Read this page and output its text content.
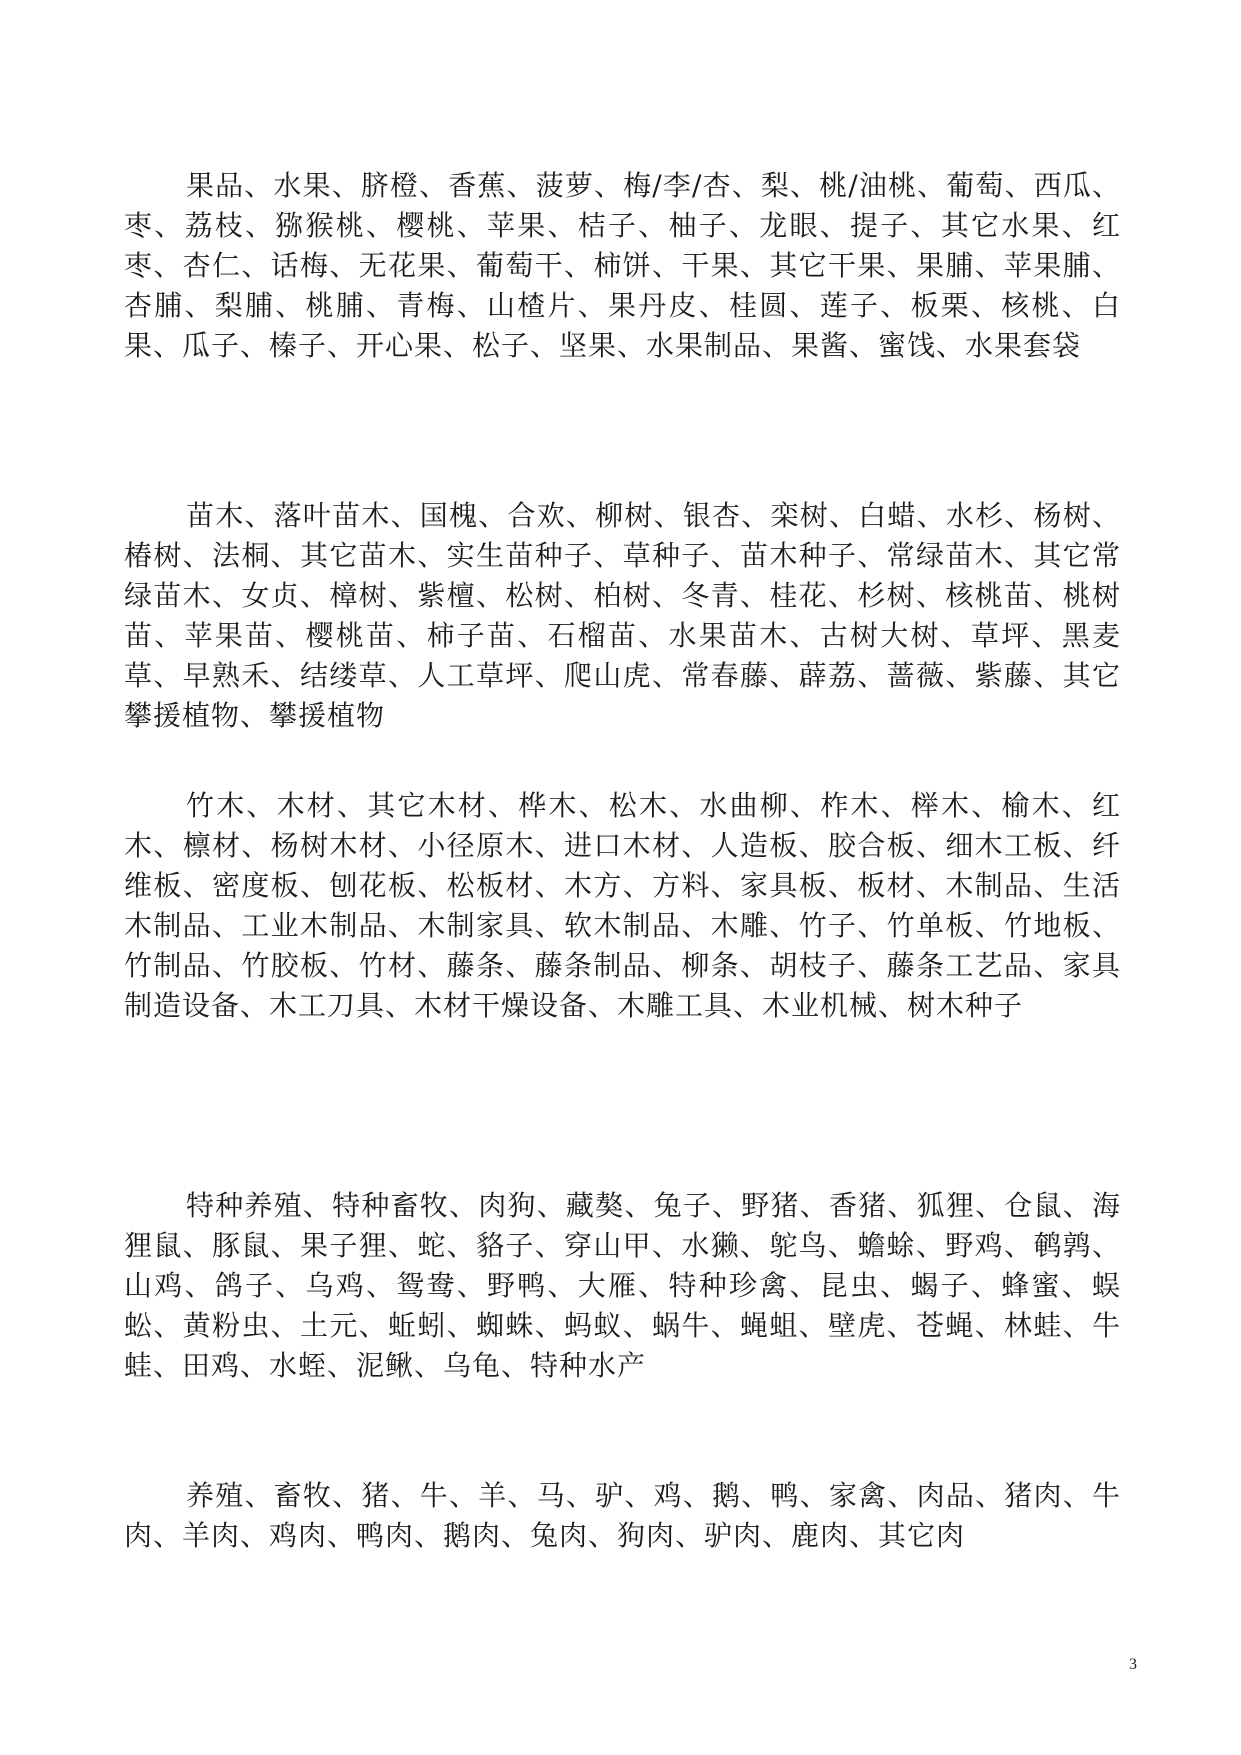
果品、水果、脐橙、香蕉、菠萝、梅/李/杏、梨、桃/油桃、葡萄、西瓜、枣、荔枝、猕猴桃、樱桃、苹果、桔子、柚子、龙眼、提子、其它水果、红枣、杏仁、话梅、无花果、葡萄干、柿饼、干果、其它干果、果脯、苹果脯、杏脯、梨脯、桃脯、青梅、山楂片、果丹皮、桂圆、莲子、板栗、核桃、白果、瓜子、榛子、开心果、松子、坚果、水果制品、果酱、蜜饯、水果套袋

苗木、落叶苗木、国槐、合欢、柳树、银杏、栾树、白蜡、水杉、杨树、椿树、法桐、其它苗木、实生苗种子、草种子、苗木种子、常绿苗木、其它常绿苗木、女贞、樟树、紫檀、松树、柏树、冬青、桂花、杉树、核桃苗、桃树苗、苹果苗、樱桃苗、柿子苗、石榴苗、水果苗木、古树大树、草坪、黑麦草、早熟禾、结缕草、人工草坪、爬山虎、常春藤、薜荔、蔷薇、紫藤、其它攀援植物、攀援植物

竹木、木材、其它木材、桦木、松木、水曲柳、柞木、榉木、榆木、红木、檩材、杨树木材、小径原木、进口木材、人造板、胶合板、细木工板、纤维板、密度板、刨花板、松板材、木方、方料、家具板、板材、木制品、生活木制品、工业木制品、木制家具、软木制品、木雕、竹子、竹单板、竹地板、竹制品、竹胶板、竹材、藤条、藤条制品、柳条、胡枝子、藤条工艺品、家具制造设备、木工刀具、木材干燥设备、木雕工具、木业机械、树木种子

特种养殖、特种畜牧、肉狗、藏獒、兔子、野猪、香猪、狐狸、仓鼠、海狸鼠、豚鼠、果子狸、蛇、貉子、穿山甲、水獭、鸵鸟、蟾蜍、野鸡、鹌鹑、山鸡、鸽子、乌鸡、鸳鸯、野鸭、大雁、特种珍禽、昆虫、蝎子、蜂蜜、蜈蚣、黄粉虫、土元、蚯蚓、蜘蛛、蚂蚁、蜗牛、蝇蛆、壁虎、苍蝇、林蛙、牛蛙、田鸡、水蛭、泥鳅、乌龟、特种水产

养殖、畜牧、猪、牛、羊、马、驴、鸡、鹅、鸭、家禽、肉品、猪肉、牛肉、羊肉、鸡肉、鸭肉、鹅肉、兔肉、狗肉、驴肉、鹿肉、其它肉

3
